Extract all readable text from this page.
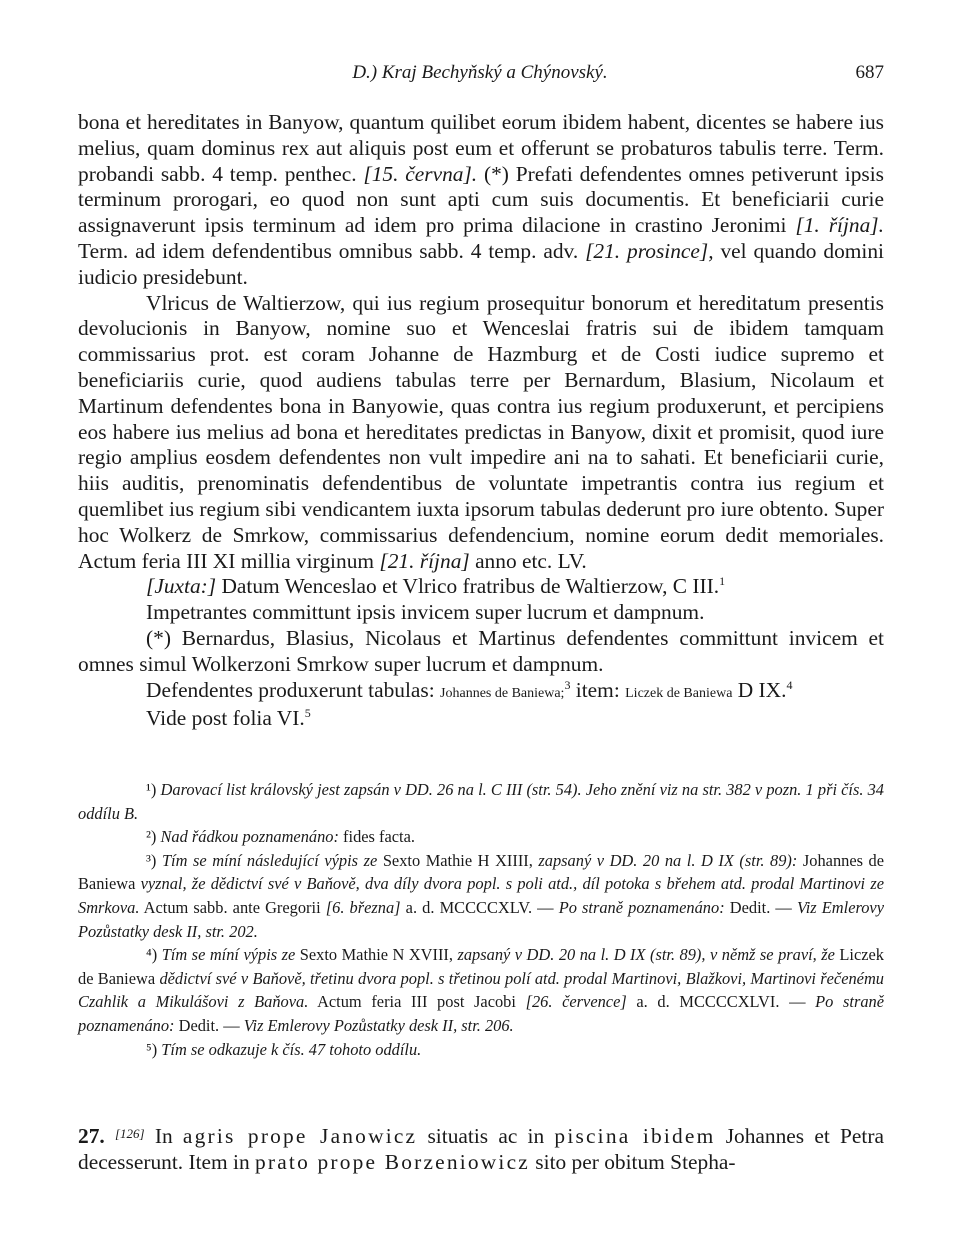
D.) Kraj Bechyňský a Chýnovský.	687

bona et hereditates in Banyow, quantum quilibet eorum ibidem habent, dicentes se habere ius melius, quam dominus rex aut aliquis post eum et offerunt se probaturos tabulis terre. Term. probandi sabb. 4 temp. penthec. [15. června]. (*) Prefati defendentes omnes petiverunt ipsis terminum prorogari, eo quod non sunt apti cum suis documentis. Et beneficiarii curie assignaverunt ipsis terminum ad idem pro prima dilacione in crastino Jeronimi [1. října]. Term. ad idem defendentibus omnibus sabb. 4 temp. adv. [21. prosince], vel quando domini iudicio presidebunt.

Vlricus de Waltierzow, qui ius regium prosequitur bonorum et hereditatum presentis devolucionis in Banyow, nomine suo et Wenceslai fratris sui de ibidem tamquam commissarius prot. est coram Johanne de Hazmburg et de Costi iudice supremo et beneficiariis curie, quod audiens tabulas terre per Bernardum, Blasium, Nicolaum et Martinum defendentes bona in Banyowie, quas contra ius regium produxerunt, et percipiens eos habere ius melius ad bona et hereditates predictas in Banyow, dixit et promisit, quod iure regio amplius eosdem defendentes non vult impedire ani na to sahati. Et beneficiarii curie, hiis auditis, prenominatis defendentibus de voluntate impetrantis contra ius regium et quemlibet ius regium sibi vendicantem iuxta ipsorum tabulas dederunt pro iure obtento. Super hoc Wolkerz de Smrkow, commissarius defendencium, nomine eorum dedit memoriales. Actum feria III XI millia virginum [21. října] anno etc. LV.

[Juxta:] Datum Wenceslao et Vlrico fratribus de Waltierzow, C III.$^1$

Impetrantes committunt ipsis invicem super lucrum et dampnum.

(*) Bernardus, Blasius, Nicolaus et Martinus defendentes committunt invicem et omnes simul Wolkerzoni Smrkow super lucrum et dampnum.

Defendentes produxerunt tabulas: Johannes de Baniewa;$^3$ item: Liczek de Baniewa D IX.$^4$

Vide post folia VI.$^5$

¹) Darovací list královský jest zapsán v DD. 26 na l. C III (str. 54). Jeho znění viz na str. 382 v pozn. 1 při čís. 34 oddílu B.

²) Nad řádkou poznamenáno: fides facta.

³) Tím se míní následující výpis ze Sexto Mathie H XIIII, zapsaný v DD. 20 na l. D IX (str. 89): Johannes de Baniewa vyznal, že dědictví své v Baňově, dva díly dvora popl. s poli atd., díl potoka s břehem atd. prodal Martinovi ze Smrkova. Actum sabb. ante Gregorii [6. března] a. d. MCCCCXLV. — Po straně poznamenáno: Dedit. — Viz Emlerovy Pozůstatky desk II, str. 202.

⁴) Tím se míní výpis ze Sexto Mathie N XVIII, zapsaný v DD. 20 na l. D IX (str. 89), v němž se praví, že Liczek de Baniewa dědictví své v Baňově, třetinu dvora popl. s třetinou polí atd. prodal Martinovi, Blažkovi, Martinovi řečenému Czahlik a Mikulášovi z Baňova. Actum feria III post Jacobi [26. července] a. d. MCCCCXLVI. — Po straně poznamenáno: Dedit. — Viz Emlerovy Pozůstatky desk II, str. 206.

⁵) Tím se odkazuje k čís. 47 tohoto oddílu.

27. [126] In agris prope Janowicz situatis ac in piscina ibidem Johannes et Petra decesserunt. Item in prato prope Borzeniowicz sito per obitum Stepha-
